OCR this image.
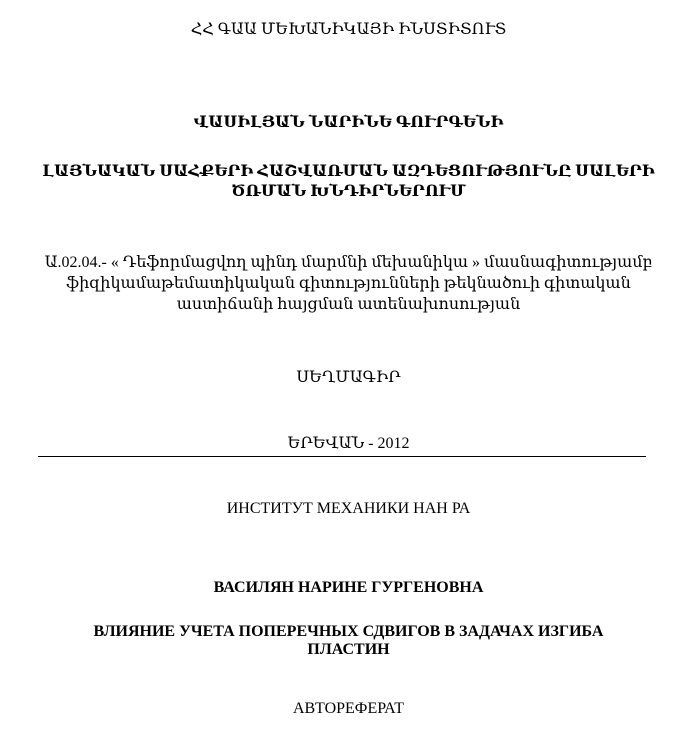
ՀՀ ԳԱԱ ՄԵԽԱՆԻԿԱՅԻ ԻՆՍՏԻՏՈՒՏ
ՎԱՍԻԼՅԱՆ ՆԱՐԻՆԵ ԳՈՒՐԳԵՆԻ
ԼԱՅՆԱԿԱՆ ՍԱՀՔԵՐԻ ՀԱՇՎԱՌՄԱՆ ԱԶԴԵՑՈՒԹՅՈՒՆԸ ՍԱԼԵՐԻ
ԾՌՄԱՆ ԽՆԴԻՐՆԵՐՈՒՄ
Ա.02.04.- « Դեֆորմացվող պինդ մարմնի մեխանիկա » մասնագիտությամբ
ֆիզիկամաթեմատիկական գիտությունների թեկնածուի գիտական
աստիճանի հայցման ատենախոսության
ՍԵՂՄԱԳԻՐ
ԵՐԵՎԱՆ - 2012
ИНСТИТУТ МЕХАНИКИ НАН РА
ВАСИЛЯН НАРИНЕ ГУРГЕНОВНА
ВЛИЯНИЕ УЧЕТА ПОПЕРЕЧНЫХ СДВИГОВ В ЗАДАЧАХ ИЗГИБА
ПЛАСТИН
АВТОРЕФЕРАТ
